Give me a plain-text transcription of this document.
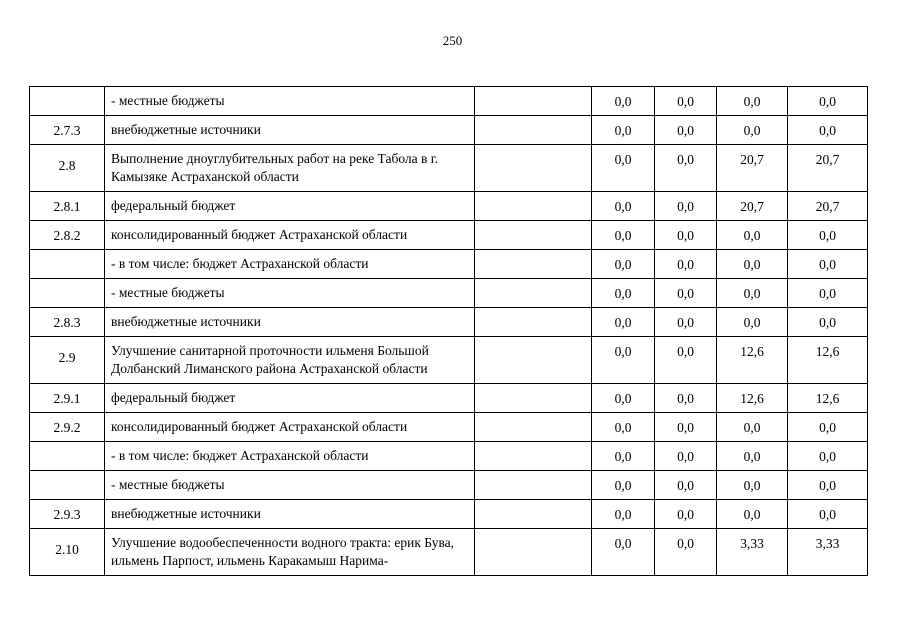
250
	- местные бюджеты		0,0	0,0	0,0	0,0
2.7.3	внебюджетные источники		0,0	0,0	0,0	0,0
2.8	Выполнение дноуглубительных работ на реке Табола в г. Камызяке Астраханской области		0,0	0,0	20,7	20,7
2.8.1	федеральный бюджет		0,0	0,0	20,7	20,7
2.8.2	консолидированный бюджет Астраханской области		0,0	0,0	0,0	0,0
	- в том числе: бюджет Астраханской области		0,0	0,0	0,0	0,0
	- местные бюджеты		0,0	0,0	0,0	0,0
2.8.3	внебюджетные источники		0,0	0,0	0,0	0,0
2.9	Улучшение санитарной проточности ильменя Большой Долбанский Лиманского района Астраханской области		0,0	0,0	12,6	12,6
2.9.1	федеральный бюджет		0,0	0,0	12,6	12,6
2.9.2	консолидированный бюджет Астраханской области		0,0	0,0	0,0	0,0
	- в том числе: бюджет Астраханской области		0,0	0,0	0,0	0,0
	- местные бюджеты		0,0	0,0	0,0	0,0
2.9.3	внебюджетные источники		0,0	0,0	0,0	0,0
2.10	Улучшение водообеспеченности водного тракта: ерик Бува, ильмень Парпост, ильмень Каракамыш Нарима-		0,0	0,0	3,33	3,33
